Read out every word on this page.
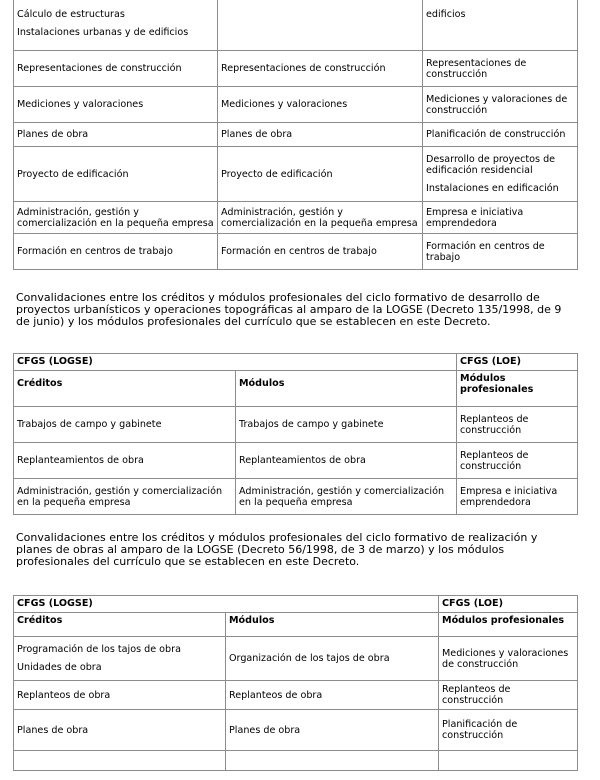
Cálculo de estructuras
Instalaciones urbanas y de edificios		edificios
Representaciones de construcción	Representaciones de construcción	Representaciones de construcción
Mediciones y valoraciones	Mediciones y valoraciones	Mediciones y valoraciones de construcción
Planes de obra	Planes de obra	Planificación de construcción
Proyecto de edificación	Proyecto de edificación	Desarrollo de proyectos de edificación residencial
Instalaciones en edificación

Administración, gestión y comercialización en la pequeña empresa	Administración, gestión y comercialización en la pequeña empresa	Empresa e iniciativa emprendedora
Formación en centros de trabajo	Formación en centros de trabajo	Formación en centros de trabajo

Convalidaciones entre los créditos y módulos profesionales del ciclo formativo de desarrollo de proyectos urbanísticos y operaciones topográficas al amparo de la LOGSE (Decreto 135/1998, de 9 de junio) y los módulos profesionales del currículo que se establecen en este Decreto.

CFGS (LOGSE)		CFGS (LOE)
Créditos	Módulos	Módulos profesionales
Trabajos de campo y gabinete	Trabajos de campo y gabinete	Replanteos de construcción
Replanteamientos de obra	Replanteamientos de obra	Replanteos de construcción
Administración, gestión y comercialización en la pequeña empresa	Administración, gestión y comercialización en la pequeña empresa	Empresa e iniciativa emprendedora

Convalidaciones entre los créditos y módulos profesionales del ciclo formativo de realización y planes de obras al amparo de la LOGSE (Decreto 56/1998, de 3 de marzo) y los módulos profesionales del currículo que se establecen en este Decreto.

CFGS (LOGSE)		CFGS (LOE)
Créditos	Módulos	Módulos profesionales

Programación de los tajos de obra
Unidades de obra	Organización de los tajos de obra	Mediciones y valoraciones de construcción
Replanteos de obra	Replanteos de obra	Replanteos de construcción
Planes de obra	Planes de obra	Planificación de construcción
